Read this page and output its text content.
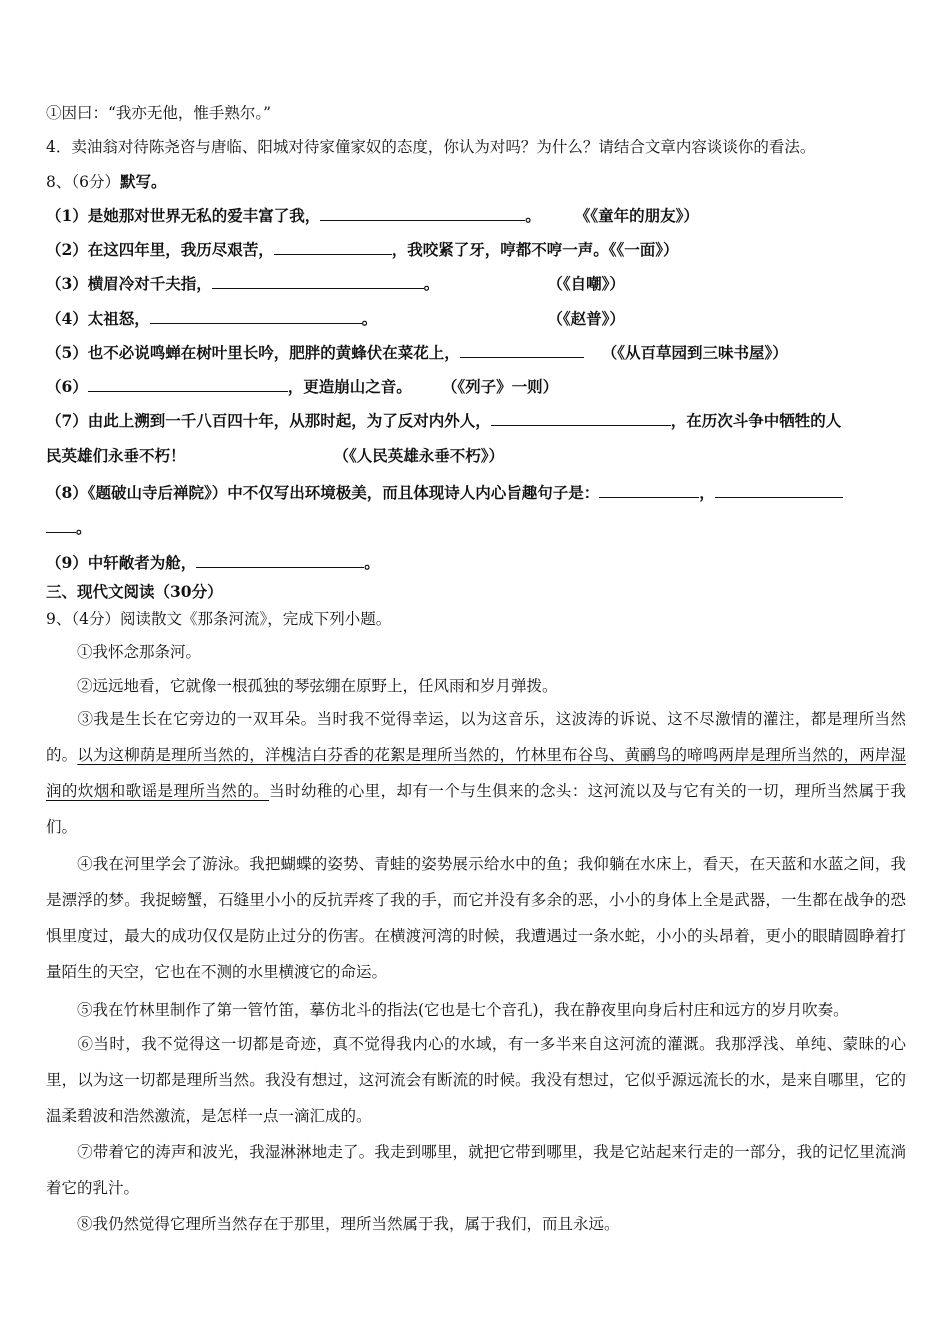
①因曰：“我亦无他，惟手熟尔。”
4．卖油翁对待陈尧咨与唐临、阳城对待家僮家奴的态度，你认为对吗？为什么？请结合文章内容谈谈你的看法。
8、（6分）默写。
（1）是她那对世界无私的爱丰富了我，	。 《《童年的朋友》）
（2）在这四年里，我历尽艰苦，	，我咬紧了牙，哼都不哼一声。《《一面》）
（3）横眉冷对千夫指，	。	（《自嘲》）
（4）太祖怒，	。	（《赵普》）
（5）也不必说鸣蝉在树叶里长吟，肥胖的黄蜂伏在菜花上，	（《从百草园到三味书屋》）
（6）	，更造崩山之音。 （《列子》一则）
（7）由此上溯到一千八百四十年，从那时起，为了反对内外人，	，在历次斗争中牺牲的人
民英雄们永垂不朽！	（《人民英雄永垂不朽》）
（8）《题破山寺后禅院》）中不仅写出环境极美，而且体现诗人内心旨趣句子是：	，
。
（9）中轩敞者为舱，	。
三、现代文阅读（30分）
9、（4分）阅读散文《那条河流》，完成下列小题。
①我怀念那条河。
②远远地看，它就像一根孤独的琴弦绷在原野上，任风雨和岁月弹拨。
③我是生长在它旁边的一双耳朵。当时我不觉得幸运，以为这音乐，这波涛的诉说、这不尽激情的灌注，都是理所当然的。以为这柳荫是理所当然的，洋槐洁白芬香的花絮是理所当然的，竹林里布谷鸟、黄鹂鸟的啼鸣两岸是理所当然的，两岸湿润的炊烟和歌谣是理所当然的。当时幼稚的心里，却有一个与生俱来的念头：这河流以及与它有关的一切，理所当然属于我们。
④我在河里学会了游泳。我把蝴蝶的姿势、青蛙的姿势展示给水中的鱼；我仰躺在水床上，看天，在天蓝和水蓝之间，我是漂浮的梦。我捉螃蟹，石缝里小小的反抗弄疼了我的手，而它并没有多余的恶，小小的身体上全是武器，一生都在战争的恐惧里度过，最大的成功仅仅是防止过分的伤害。在横渡河湾的时候，我遭遇过一条水蛇，小小的头昂着，更小的眼睛圆睁着打量陌生的天空，它也在不测的水里横渡它的命运。
⑤我在竹林里制作了第一管竹笛，摹仿北斗的指法(它也是七个音孔)，我在静夜里向身后村庄和远方的岁月吹奏。
⑥当时，我不觉得这一切都是奇迹，真不觉得我内心的水域，有一多半来自这河流的灌溉。我那浮浅、单纯、蒙昧的心里，以为这一切都是理所当然。我没有想过，这河流会有断流的时候。我没有想过，它似乎源远流长的水，是来自哪里，它的温柔碧波和浩然激流，是怎样一点一滴汇成的。
⑦带着它的涛声和波光，我湿淋淋地走了。我走到哪里，就把它带到哪里，我是它站起来行走的一部分，我的记忆里流淌着它的乳汁。
⑧我仍然觉得它理所当然存在于那里，理所当然属于我，属于我们，而且永远。
